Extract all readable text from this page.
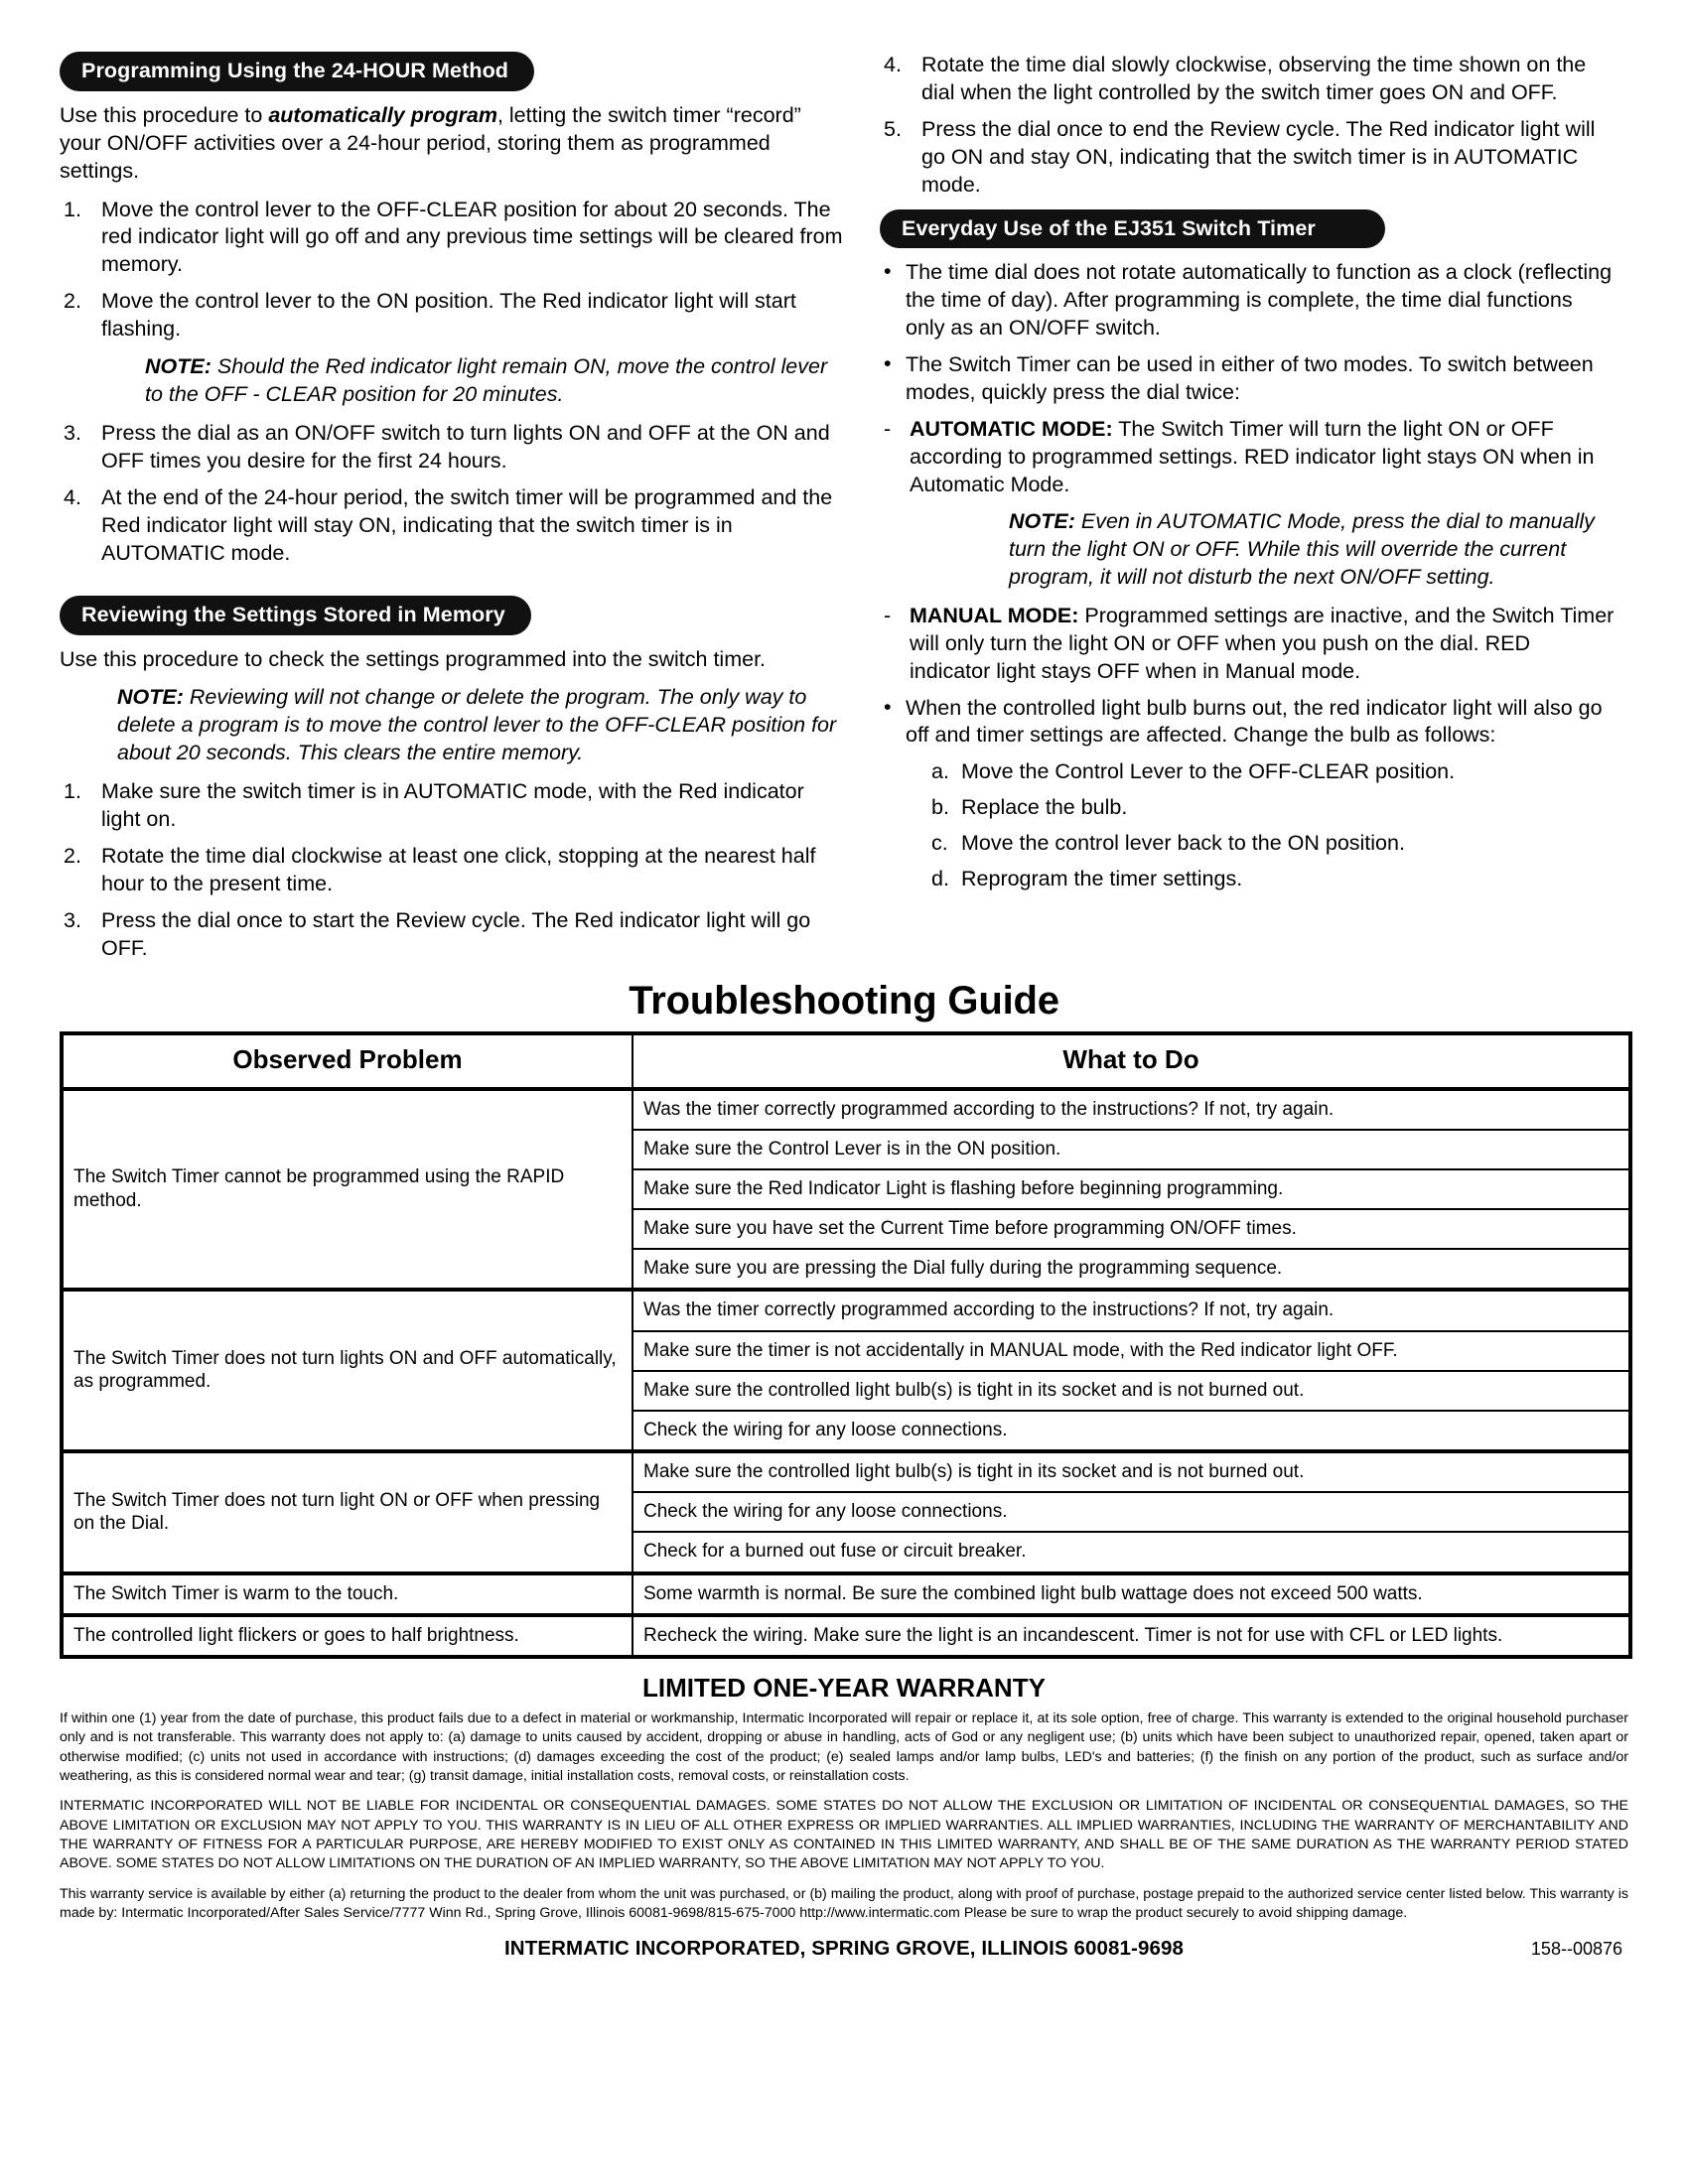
Programming Using the 24-HOUR Method

Use this procedure to automatically program, letting the switch timer “record” your ON/OFF activities over a 24-hour period, storing them as programmed settings.

1. Move the control lever to the OFF-CLEAR position for about 20 seconds. The red indicator light will go off and any previous time settings will be cleared from memory.
2. Move the control lever to the ON position. The Red indicator light will start flashing.

NOTE: Should the Red indicator light remain ON, move the control lever to the OFF - CLEAR position for 20 minutes.

3. Press the dial as an ON/OFF switch to turn lights ON and OFF at the ON and OFF times you desire for the first 24 hours.
4. At the end of the 24-hour period, the switch timer will be programmed and the Red indicator light will stay ON, indicating that the switch timer is in AUTOMATIC mode.
Reviewing the Settings Stored in Memory

Use this procedure to check the settings programmed into the switch timer.

NOTE: Reviewing will not change or delete the program. The only way to delete a program is to move the control lever to the OFF-CLEAR position for about 20 seconds. This clears the entire memory.

1. Make sure the switch timer is in AUTOMATIC mode, with the Red indicator light on.
2. Rotate the time dial clockwise at least one click, stopping at the nearest half hour to the present time.
3. Press the dial once to start the Review cycle. The Red indicator light will go OFF.
4. Rotate the time dial slowly clockwise, observing the time shown on the dial when the light controlled by the switch timer goes ON and OFF.
5. Press the dial once to end the Review cycle. The Red indicator light will go ON and stay ON, indicating that the switch timer is in AUTOMATIC mode.
Everyday Use of the EJ351 Switch Timer
• The time dial does not rotate automatically to function as a clock (reflecting the time of day). After programming is complete, the time dial functions only as an ON/OFF switch.
• The Switch Timer can be used in either of two modes. To switch between modes, quickly press the dial twice:
- AUTOMATIC MODE: The Switch Timer will turn the light ON or OFF according to programmed settings. RED indicator light stays ON when in Automatic Mode.

NOTE: Even in AUTOMATIC Mode, press the dial to manually turn the light ON or OFF. While this will override the current program, it will not disturb the next ON/OFF setting.

- MANUAL MODE: Programmed settings are inactive, and the Switch Timer will only turn the light ON or OFF when you push on the dial. RED indicator light stays OFF when in Manual mode.
• When the controlled light bulb burns out, the red indicator light will also go off and timer settings are affected. Change the bulb as follows:
a. Move the Control Lever to the OFF-CLEAR position.
b. Replace the bulb.
c. Move the control lever back to the ON position.
d. Reprogram the timer settings.
Troubleshooting Guide
Observed Problem	What to Do
The Switch Timer cannot be programmed using the RAPID method.	Was the timer correctly programmed according to the instructions? If not, try again.
	Make sure the Control Lever is in the ON position.
	Make sure the Red Indicator Light is flashing before beginning programming.
	Make sure you have set the Current Time before programming ON/OFF times.
	Make sure you are pressing the Dial fully during the programming sequence.
The Switch Timer does not turn lights ON and OFF automatically, as programmed.	Was the timer correctly programmed according to the instructions? If not, try again.
	Make sure the timer is not accidentally in MANUAL mode, with the Red indicator light OFF.
	Make sure the controlled light bulb(s) is tight in its socket and is not burned out.
	Check the wiring for any loose connections.
The Switch Timer does not turn light ON or OFF when pressing on the Dial.	Make sure the controlled light bulb(s) is tight in its socket and is not burned out.
	Check the wiring for any loose connections.
	Check for a burned out fuse or circuit breaker.
The Switch Timer is warm to the touch.	Some warmth is normal. Be sure the combined light bulb wattage does not exceed 500 watts.
The controlled light flickers or goes to half brightness.	Recheck the wiring. Make sure the light is an incandescent. Timer is not for use with CFL or LED lights.
LIMITED ONE-YEAR WARRANTY

If within one (1) year from the date of purchase, this product fails due to a defect in material or workmanship, Intermatic Incorporated will repair or replace it, at its sole option, free of charge. This warranty is extended to the original household purchaser only and is not transferable. This warranty does not apply to: (a) damage to units caused by accident, dropping or abuse in handling, acts of God or any negligent use; (b) units which have been subject to unauthorized repair, opened, taken apart or otherwise modified; (c) units not used in accordance with instructions; (d) damages exceeding the cost of the product; (e) sealed lamps and/or lamp bulbs, LED's and batteries; (f) the finish on any portion of the product, such as surface and/or weathering, as this is considered normal wear and tear; (g) transit damage, initial installation costs, removal costs, or reinstallation costs.

INTERMATIC INCORPORATED WILL NOT BE LIABLE FOR INCIDENTAL OR CONSEQUENTIAL DAMAGES. SOME STATES DO NOT ALLOW THE EXCLUSION OR LIMITATION OF INCIDENTAL OR CONSEQUENTIAL DAMAGES, SO THE ABOVE LIMITATION OR EXCLUSION MAY NOT APPLY TO YOU. THIS WARRANTY IS IN LIEU OF ALL OTHER EXPRESS OR IMPLIED WARRANTIES. ALL IMPLIED WARRANTIES, INCLUDING THE WARRANTY OF MERCHANTABILITY AND THE WARRANTY OF FITNESS FOR A PARTICULAR PURPOSE, ARE HEREBY MODIFIED TO EXIST ONLY AS CONTAINED IN THIS LIMITED WARRANTY, AND SHALL BE OF THE SAME DURATION AS THE WARRANTY PERIOD STATED ABOVE. SOME STATES DO NOT ALLOW LIMITATIONS ON THE DURATION OF AN IMPLIED WARRANTY, SO THE ABOVE LIMITATION MAY NOT APPLY TO YOU.

This warranty service is available by either (a) returning the product to the dealer from whom the unit was purchased, or (b) mailing the product, along with proof of purchase, postage prepaid to the authorized service center listed below. This warranty is made by: Intermatic Incorporated/After Sales Service/7777 Winn Rd., Spring Grove, Illinois 60081-9698/815-675-7000 http://www.intermatic.com Please be sure to wrap the product securely to avoid shipping damage.

INTERMATIC INCORPORATED, SPRING GROVE, ILLINOIS 60081-9698	158--00876
